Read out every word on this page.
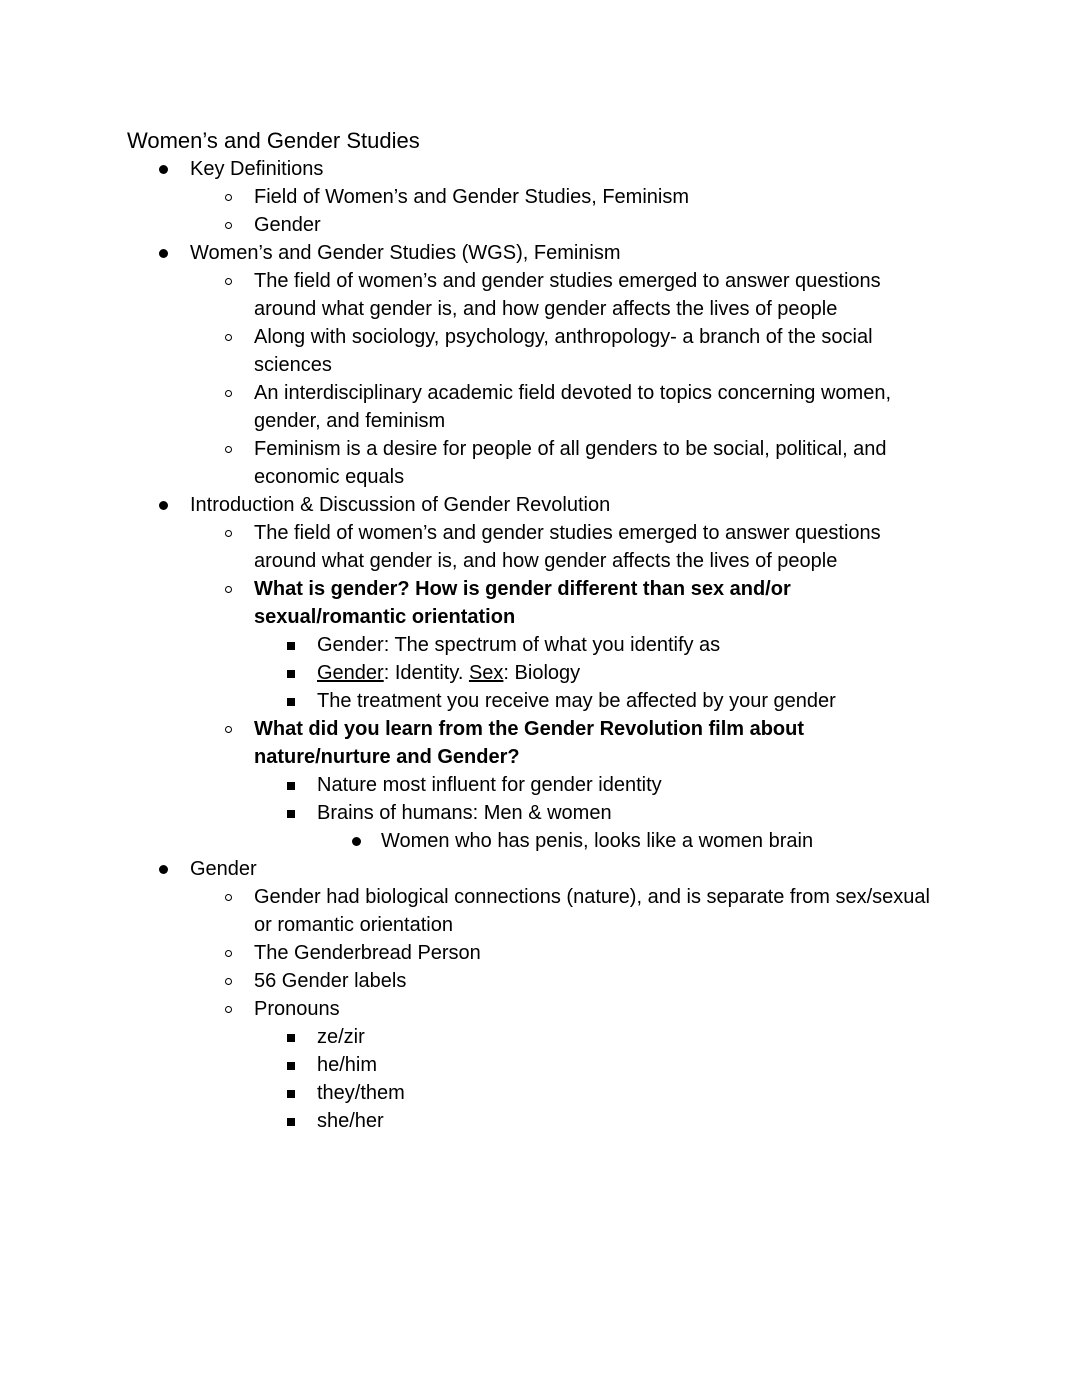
Women’s and Gender Studies
Key Definitions
Field of Women’s and Gender Studies, Feminism
Gender
Women’s and Gender Studies (WGS), Feminism
The field of women’s and gender studies emerged to answer questions around what gender is, and how gender affects the lives of people
Along with sociology, psychology, anthropology- a branch of the social sciences
An interdisciplinary academic field devoted to topics concerning women, gender, and feminism
Feminism is a desire for people of all genders to be social, political, and economic equals
Introduction & Discussion of Gender Revolution
The field of women’s and gender studies emerged to answer questions around what gender is, and how gender affects the lives of people
What is gender? How is gender different than sex and/or sexual/romantic orientation
Gender: The spectrum of what you identify as
Gender: Identity. Sex: Biology
The treatment you receive may be affected by your gender
What did you learn from the Gender Revolution film about nature/nurture and Gender?
Nature most influent for gender identity
Brains of humans: Men & women
Women who has penis, looks like a women brain
Gender
Gender had biological connections (nature), and is separate from sex/sexual or romantic orientation
The Genderbread Person
56 Gender labels
Pronouns
ze/zir
he/him
they/them
she/her
